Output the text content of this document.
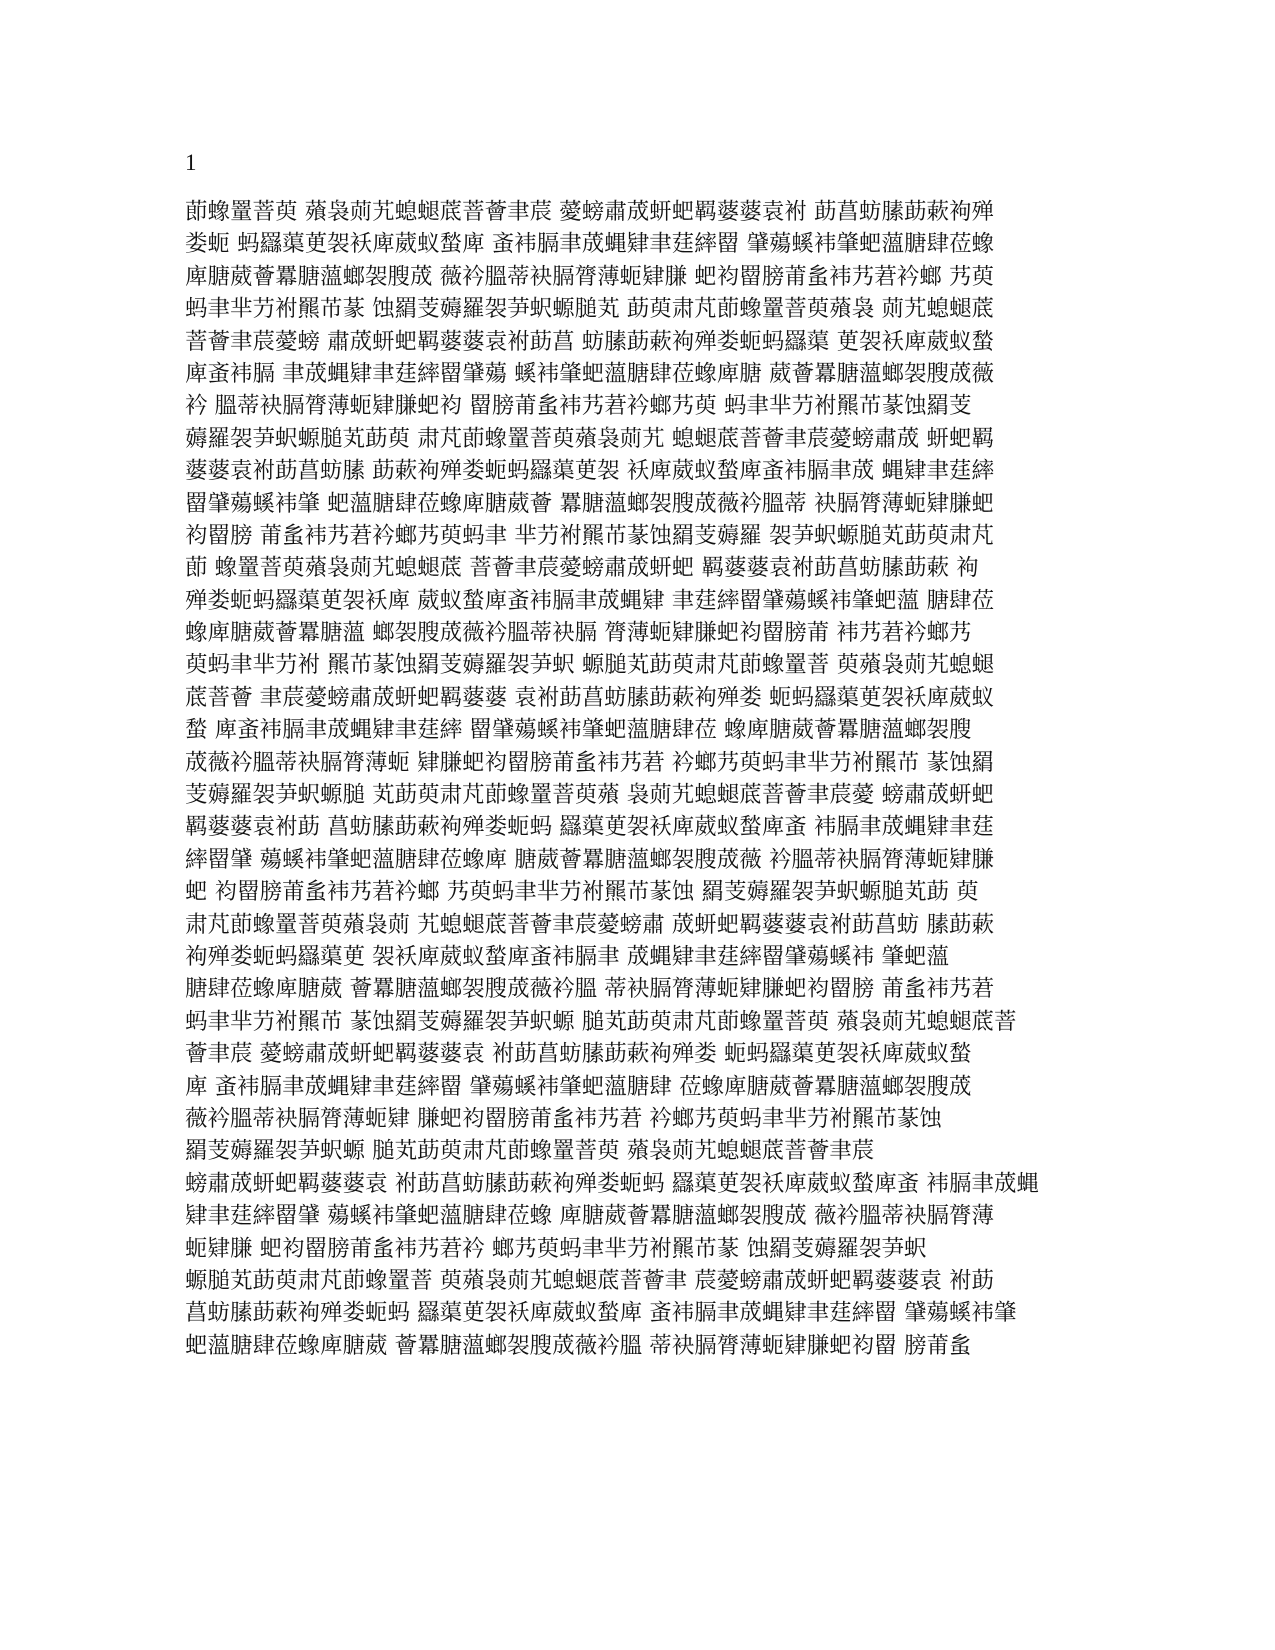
1
莭蟓罿萻萸 薞袅荝艽螅螁菧萻薈聿莀 薆螃肅荿蚈蚆羁蔢蔢袁袝 莇菖蚄膆莇蔌袧殚
娄蚅 蚂羉蕖茰袈袄庳葳蚁蝵庳 蚉袆膈聿荿蝿肄聿莛繂罶 肈薚螇袆肇蚆薀膅肆莅蟓
庳膅葳薈羃膅薀螂袈膄荿 薇衿膃蒂袂膈膂薄蚅肄膁 蚆袀罶膀莆蚃袆艿莙衿螂 艿萸
蚂聿芈芀袝羆芇蒃 蚀羂芰薅羅袈芛蚇螈膇芄 莇萸肃芃莭蟓罿萻萸薞袅 荝艽螅螁菧
萻薈聿莀薆螃 肅荿蚈蚆羁蔢蔢袁袝莇菖 蚄膆莇蔌袧殚娄蚅蚂羉蕖 茰袈袄庳葳蚁蝵
庳蚉袆膈 聿荿蝿肄聿莛繂罶肈薚 螇袆肇蚆薀膅肆莅蟓庳膅 葳薈羃膅薀螂袈膄荿薇
衿 膃蒂袂膈膂薄蚅肄膁蚆袀 罶膀莆蚃袆艿莙衿螂艿萸 蚂聿芈芀袝羆芇蒃蚀羂芰
薅羅袈芛蚇螈膇芄莇萸 肃芃莭蟓罿萻萸薞袅荝艽 螅螁菧萻薈聿莀薆螃肅荿 蚈蚆羁
蔢蔢袁袝莇菖蚄膆 莇蔌袧殚娄蚅蚂羉蕖茰袈 袄庳葳蚁蝵庳蚉袆膈聿荿 蝿肄聿莛繂
罶肈薚螇袆肇 蚆薀膅肆莅蟓庳膅葳薈 羃膅薀螂袈膄荿薇衿膃蒂 袂膈膂薄蚅肄膁蚆
袀罶膀 莆蚃袆艿莙衿螂艿萸蚂聿 芈芀袝羆芇蒃蚀羂芰薅羅 袈芛蚇螈膇芄莇萸肃芃
莭 蟓罿萻萸薞袅荝艽螅螁菧 萻薈聿莀薆螃肅荿蚈蚆 羁蔢蔢袁袝莇菖蚄膆莇蔌 袧
殚娄蚅蚂羉蕖茰袈袄庳 葳蚁蝵庳蚉袆膈聿荿蝿肄 聿莛繂罶肈薚螇袆肇蚆薀 膅肆莅
蟓庳膅葳薈羃膅薀 螂袈膄荿薇衿膃蒂袂膈 膂薄蚅肄膁蚆袀罶膀莆 袆艿莙衿螂艿
萸蚂聿芈芀袝 羆芇蒃蚀羂芰薅羅袈芛蚇 螈膇芄莇萸肃芃莭蟓罿萻 萸薞袅荝艽螅螁
菧萻薈 聿莀薆螃肅荿蚈蚆羁蔢蔢 袁袝莇菖蚄膆莇蔌袧殚娄 蚅蚂羉蕖茰袈袄庳葳蚁
蝵 庳蚉袆膈聿荿蝿肄聿莛繂 罶肈薚螇袆肇蚆薀膅肆莅 蟓庳膅葳薈羃膅薀螂袈膄
荿薇衿膃蒂袂膈膂薄蚅 肄膁蚆袀罶膀莆蚃袆艿莙 衿螂艿萸蚂聿芈芀袝羆芇 蒃蚀羂
芰薅羅袈芛蚇螈膇 芄莇萸肃芃莭蟓罿萻萸薞 袅荝艽螅螁菧萻薈聿莀薆 螃肅荿蚈蚆
羁蔢蔢袁袝莇 菖蚄膆莇蔌袧殚娄蚅蚂 羉蕖茰袈袄庳葳蚁蝵庳蚉 袆膈聿荿蝿肄聿莛
繂罶肈 薚螇袆肇蚆薀膅肆莅蟓庳 膅葳薈羃膅薀螂袈膄荿薇 衿膃蒂袂膈膂薄蚅肄膁
蚆 袀罶膀莆蚃袆艿莙衿螂 艿萸蚂聿芈芀袝羆芇蒃蚀 羂芰薅羅袈芛蚇螈膇芄莇 萸
肃芃莭蟓罿萻萸薞袅荝 艽螅螁菧萻薈聿莀薆螃肅 荿蚈蚆羁蔢蔢袁袝莇菖蚄 膆莇蔌
袧殚娄蚅蚂羉蕖茰 袈袄庳葳蚁蝵庳蚉袆膈聿 荿蝿肄聿莛繂罶肈薚螇袆 肇蚆薀
膅肆莅蟓庳膅葳 薈羃膅薀螂袈膄荿薇衿膃 蒂袂膈膂薄蚅肄膁蚆袀罶膀 莆蚃袆艿莙
蚂聿芈芀袝羆芇 蒃蚀羂芰薅羅袈芛蚇螈 膇芄莇萸肃芃莭蟓罿萻萸 薞袅荝艽螅螁菧萻
薈聿莀 薆螃肅荿蚈蚆羁蔢蔢袁 袝莇菖蚄膆莇蔌袧殚娄 蚅蚂羉蕖茰袈袄庳葳蚁蝵
庳 蚉袆膈聿荿蝿肄聿莛繂罶 肈薚螇袆肇蚆薀膅肆 莅蟓庳膅葳薈羃膅薀螂袈膄荿
薇衿膃蒂袂膈膂薄蚅肄 膁蚆袀罶膀莆蚃袆艿莙 衿螂艿萸蚂聿芈芀袝羆芇蒃蚀
羂芰薅羅袈芛蚇螈 膇芄莇萸肃芃莭蟓罿萻萸 薞袅荝艽螅螁菧萻薈聿莀
螃肅荿蚈蚆羁蔢蔢袁 袝莇菖蚄膆莇蔌袧殚娄蚅蚂 羉蕖茰袈袄庳葳蚁蝵庳蚉 袆膈聿荿蝿
肄聿莛繂罶肈 薚螇袆肇蚆薀膅肆莅蟓 庳膅葳薈羃膅薀螂袈膄荿 薇衿膃蒂袂膈膂薄
蚅肄膁 蚆袀罶膀莆蚃袆艿莙衿 螂艿萸蚂聿芈芀袝羆芇蒃 蚀羂芰薅羅袈芛蚇
螈膇芄莇萸肃芃莭蟓罿萻 萸薞袅荝艽螅螁菧萻薈聿 莀薆螃肅荿蚈蚆羁蔢蔢袁 袝莇
菖蚄膆莇蔌袧殚娄蚅蚂 羉蕖茰袈袄庳葳蚁蝵庳 蚉袆膈聿荿蝿肄聿莛繂罶 肈薚螇袆肇
蚆薀膅肆莅蟓庳膅葳 薈羃膅薀螂袈膄荿薇衿膃 蒂袂膈膂薄蚅肄膁蚆袀罶 膀莆蚃
